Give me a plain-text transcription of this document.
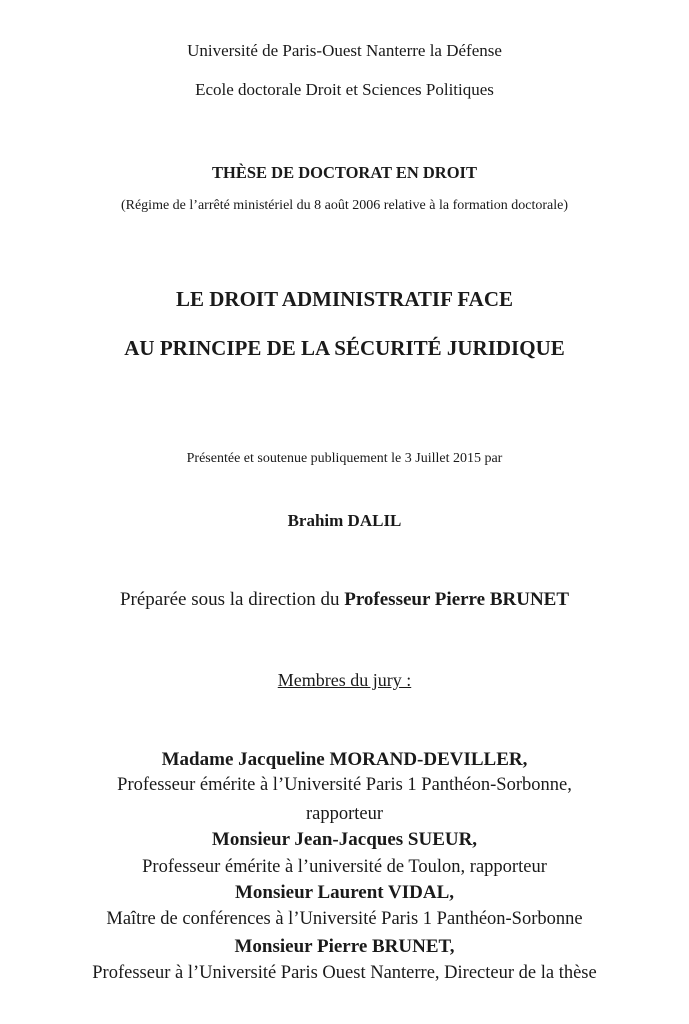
Université de Paris-Ouest Nanterre la Défense
Ecole doctorale Droit et Sciences Politiques
THÈSE DE DOCTORAT EN DROIT
(Régime de l’arrêté ministériel du 8 août 2006 relative à la formation doctorale)
LE DROIT ADMINISTRATIF FACE
AU PRINCIPE DE LA SÉCURITÉ JURIDIQUE
Présentée et soutenue publiquement le 3 Juillet 2015 par
Brahim DALIL
Préparée sous la direction du Professeur Pierre BRUNET
Membres du jury :
Madame Jacqueline MORAND-DEVILLER,
Professeur émérite à l’Université Paris 1 Panthéon-Sorbonne,
rapporteur
Monsieur Jean-Jacques SUEUR,
Professeur émérite à l’université de Toulon, rapporteur
Monsieur Laurent VIDAL,
Maître de conférences à l’Université Paris 1 Panthéon-Sorbonne
Monsieur Pierre BRUNET,
Professeur à l’Université Paris Ouest Nanterre, Directeur de la thèse
